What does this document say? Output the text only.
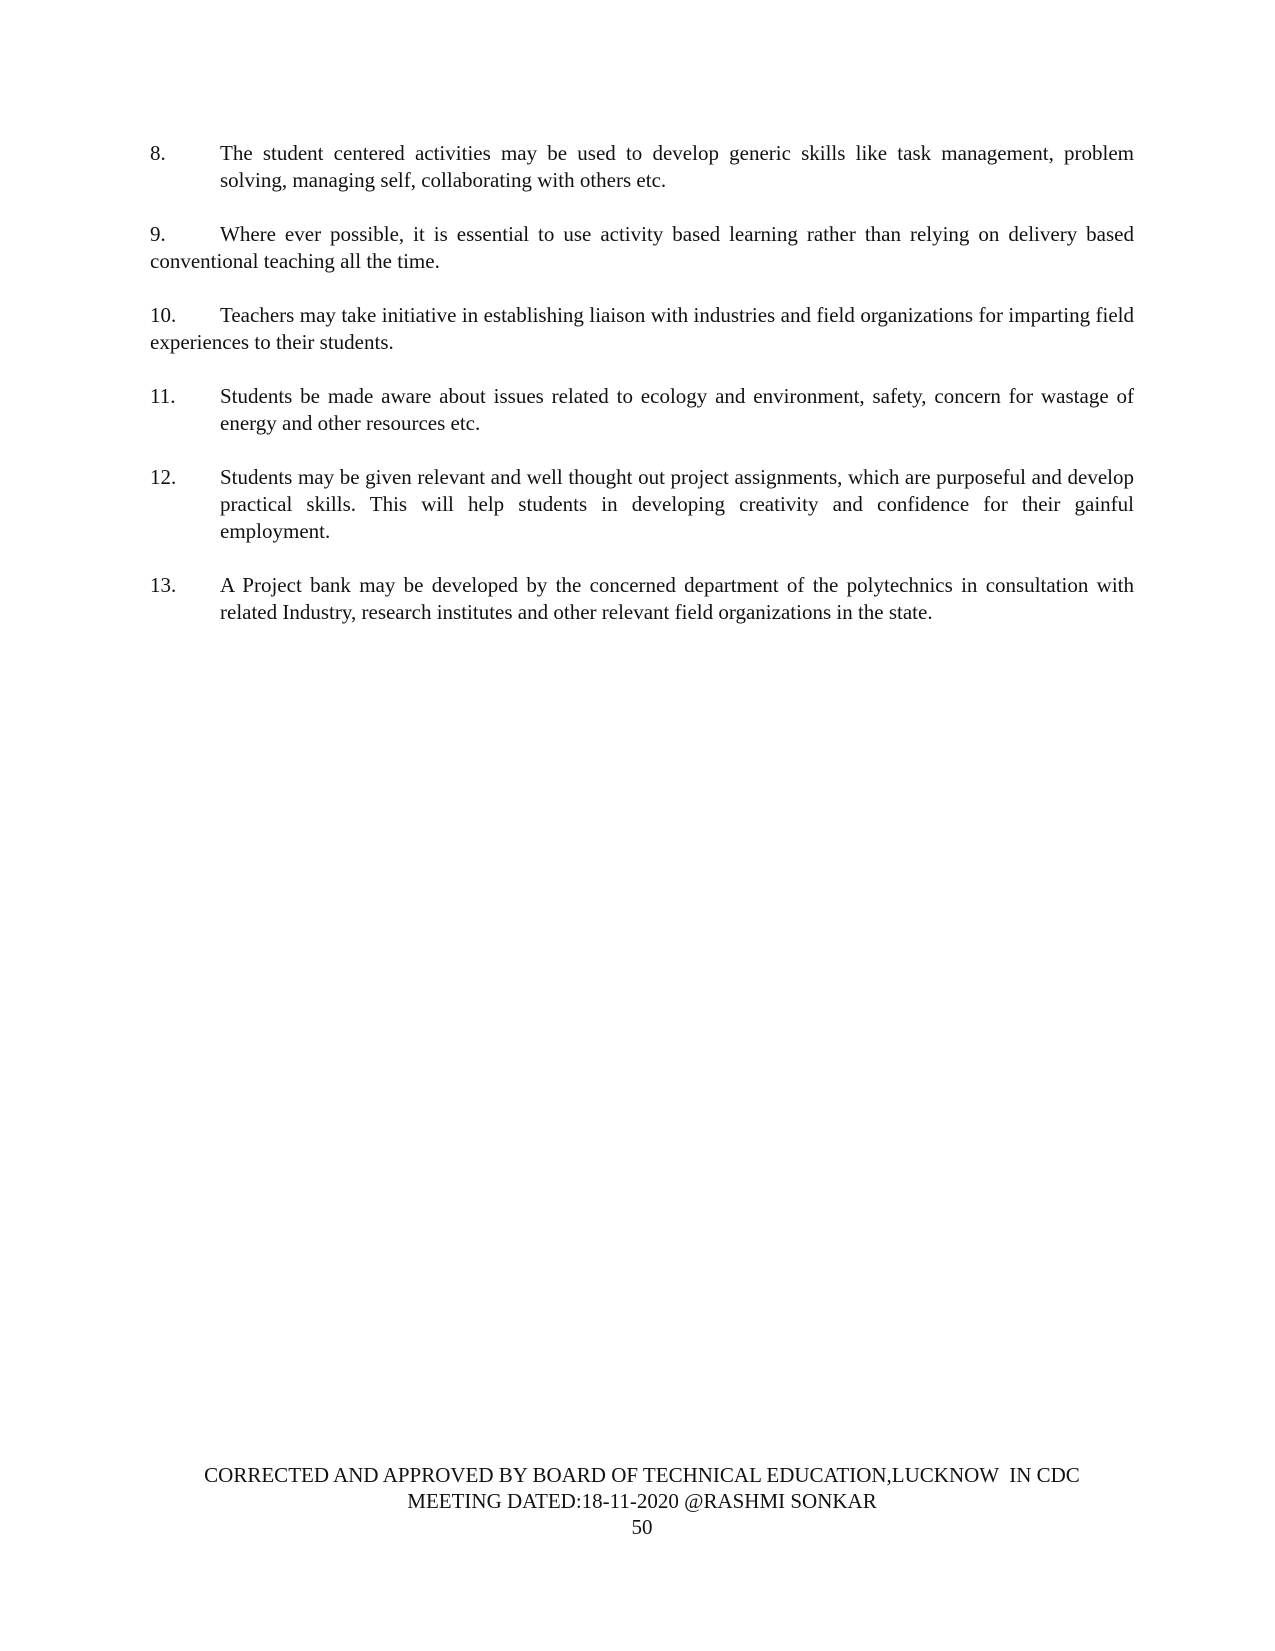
8.	The student centered activities may be used to develop generic skills like task management, problem solving, managing self, collaborating with others etc.

9.	Where ever possible, it is essential to use activity based learning rather than relying on delivery based conventional teaching all the time.

10. Teachers may take initiative in establishing liaison with industries and field organizations for imparting field experiences to their students.

11. Students be made aware about issues related to ecology and environment, safety, concern for wastage of energy and other resources etc.

12. Students may be given relevant and well thought out project assignments, which are purposeful and develop practical skills. This will help students in developing creativity and confidence for their gainful employment.

13. A Project bank may be developed by the concerned department of the polytechnics in consultation with related Industry, research institutes and other relevant field organizations in the state.

CORRECTED AND APPROVED BY BOARD OF TECHNICAL EDUCATION,LUCKNOW  IN CDC
MEETING DATED:18-11-2020 @RASHMI SONKAR
50
